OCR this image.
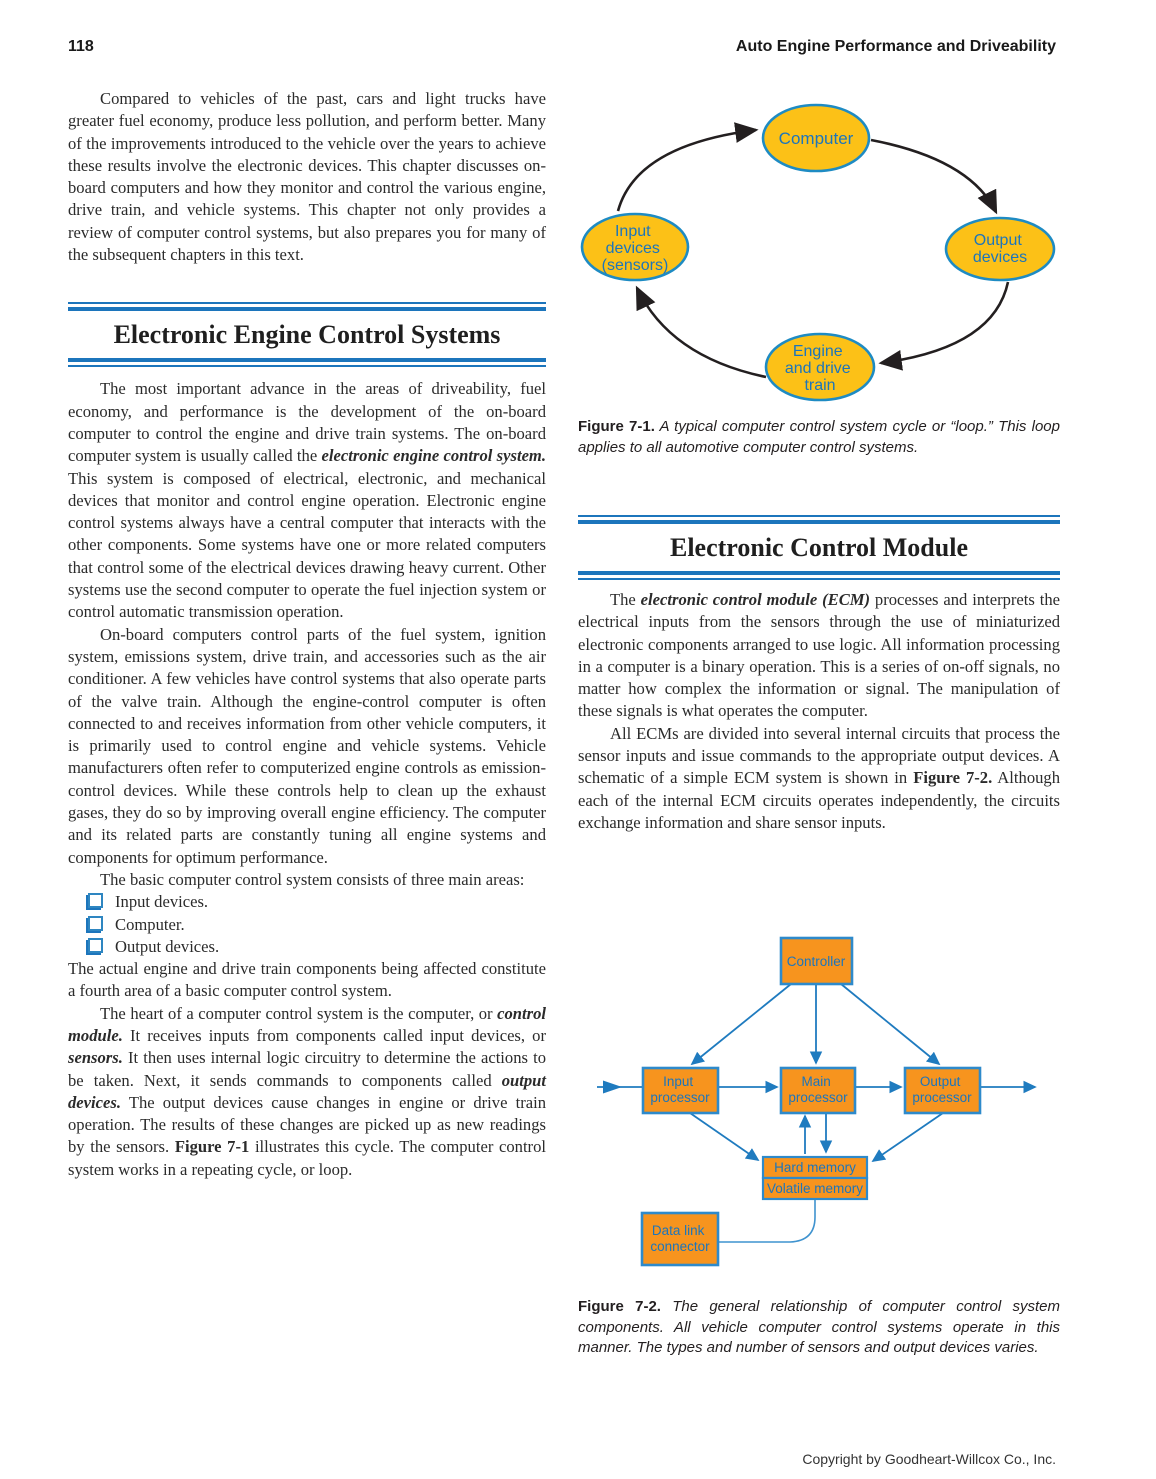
118	Auto Engine Performance and Driveability

Compared to vehicles of the past, cars and light trucks have greater fuel economy, produce less pollution, and perform better. Many of the improvements introduced to the vehicle over the years to achieve these results involve the electronic devices. This chapter discusses on-board computers and how they monitor and control the various engine, drive train, and vehicle systems. This chapter not only provides a review of computer control systems, but also prepares you for many of the subsequent chapters in this text.

Electronic Engine Control Systems

The most important advance in the areas of driveability, fuel economy, and performance is the development of the on-board computer to control the engine and drive train systems. The on-board computer system is usually called the electronic engine control system. This system is composed of electrical, electronic, and mechanical devices that monitor and control engine operation. Electronic engine control systems always have a central computer that interacts with the other components. Some systems have one or more related computers that control some of the electrical devices drawing heavy current. Other systems use the second computer to operate the fuel injection system or control automatic transmission operation.

On-board computers control parts of the fuel system, ignition system, emissions system, drive train, and accessories such as the air conditioner. A few vehicles have control systems that also operate parts of the valve train. Although the engine-control computer is often connected to and receives information from other vehicle computers, it is primarily used to control engine and vehicle systems. Vehicle manufacturers often refer to computerized engine controls as emission-control devices. While these controls help to clean up the exhaust gases, they do so by improving overall engine efficiency. The computer and its related parts are constantly tuning all engine systems and components for optimum performance.

The basic computer control system consists of three main areas:

Input devices.
Computer.
Output devices.

The actual engine and drive train components being affected constitute a fourth area of a basic computer control system.

The heart of a computer control system is the computer, or control module. It receives inputs from components called input devices, or sensors. It then uses internal logic circuitry to determine the actions to be taken. Next, it sends commands to components called output devices. The output devices cause changes in engine or drive train operation. The results of these changes are picked up as new readings by the sensors. Figure 7-1 illustrates this cycle. The computer control system works in a repeating cycle, or loop.

Computer
Input devices (sensors)
Output devices
Engine and drive train

Figure 7-1. A typical computer control system cycle or “loop.” This loop applies to all automotive computer control systems.

Electronic Control Module

The electronic control module (ECM) processes and interprets the electrical inputs from the sensors through the use of miniaturized electronic components arranged to use logic. All information processing in a computer is a binary operation. This is a series of on-off signals, no matter how complex the information or signal. The manipulation of these signals is what operates the computer.

All ECMs are divided into several internal circuits that process the sensor inputs and issue commands to the appropriate output devices. A schematic of a simple ECM system is shown in Figure 7-2. Although each of the internal ECM circuits operates independently, the circuits exchange information and share sensor inputs.

Controller
Input processor
Main processor
Output processor
Hard memory
Volatile memory
Data link connector

Figure 7-2. The general relationship of computer control system components. All vehicle computer control systems operate in this manner. The types and number of sensors and output devices varies.

Copyright by Goodheart-Willcox Co., Inc.
